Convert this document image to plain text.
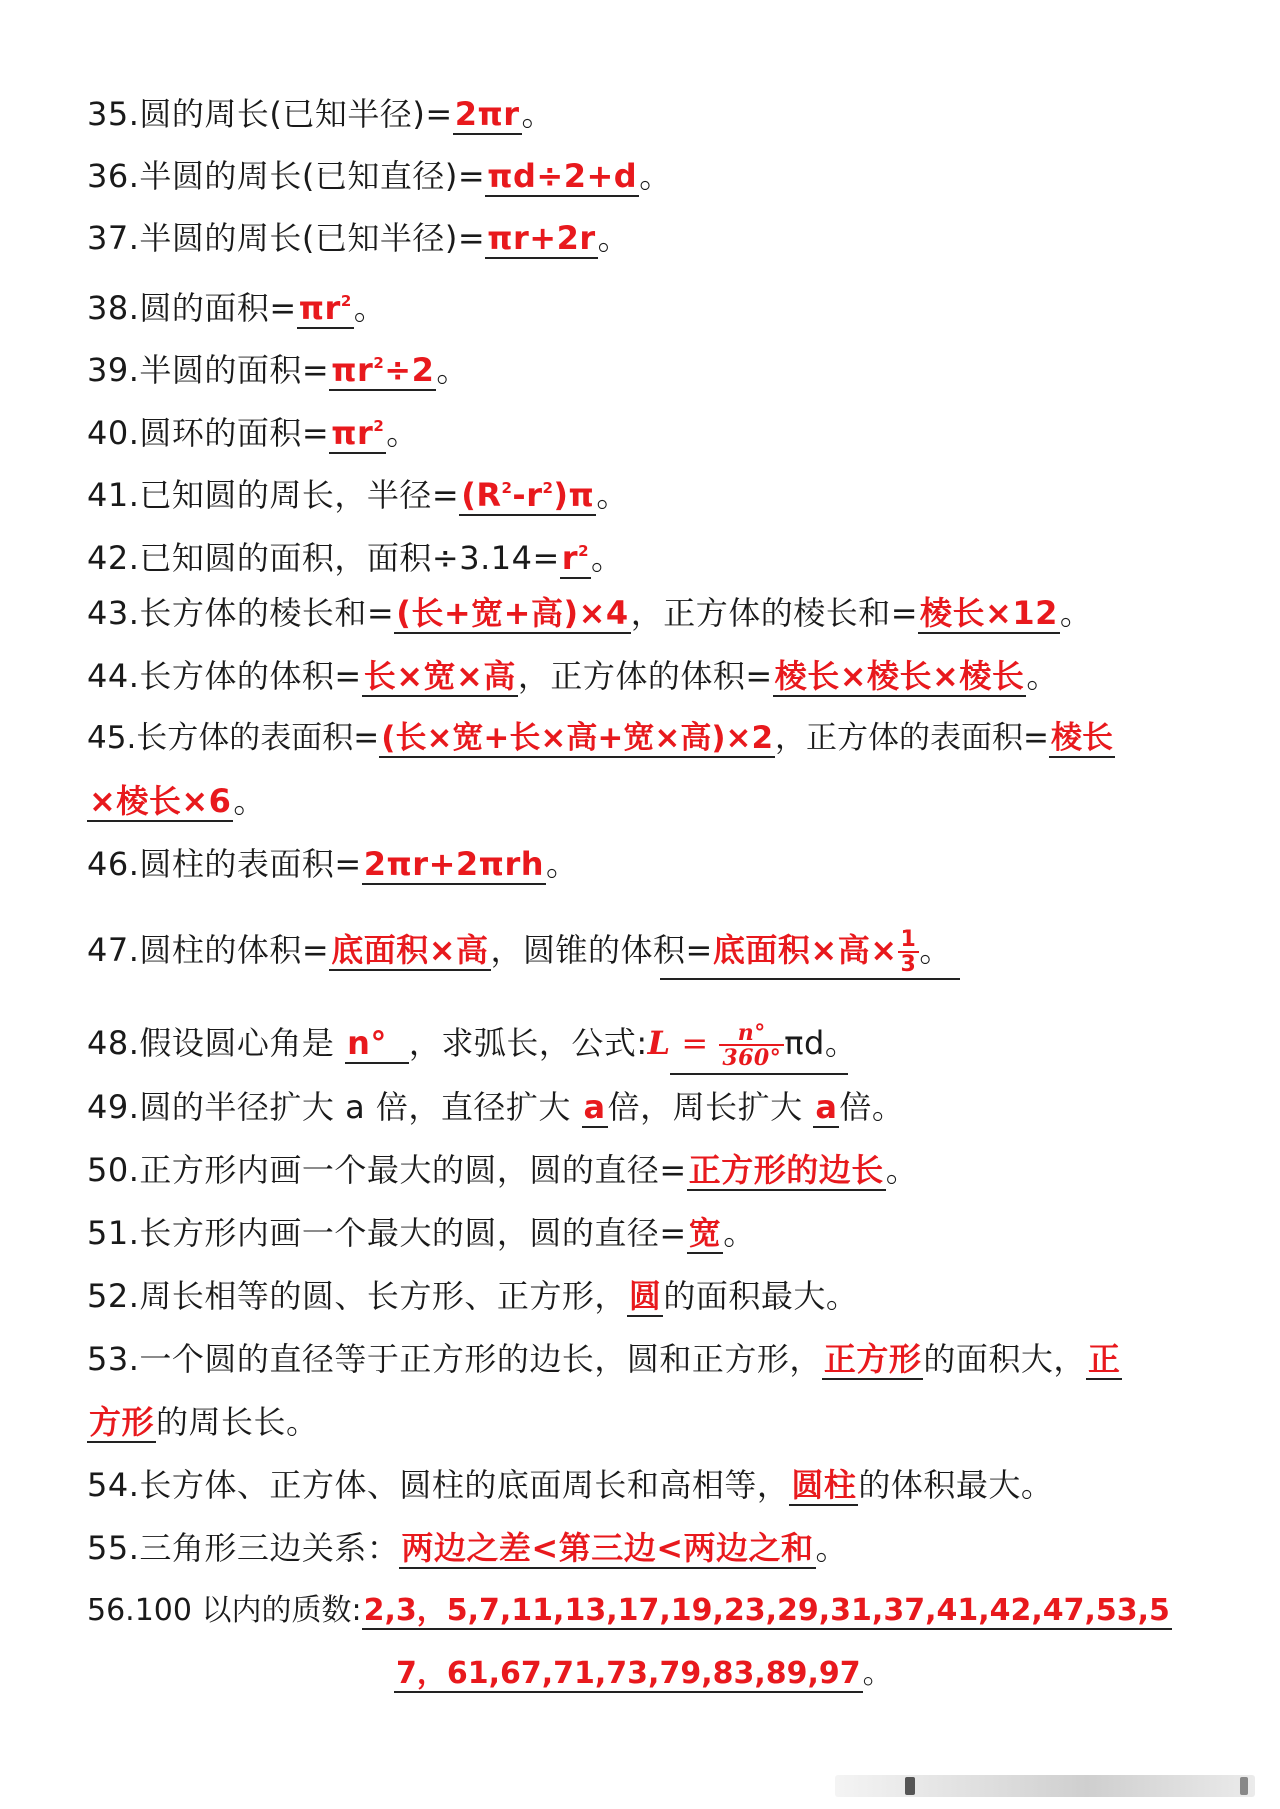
35.圆的周长(已知半径)=2πr。
36.半圆的周长(已知直径)=πd÷2+d。
37.半圆的周长(已知半径)=πr+2r。
38.圆的面积$=\pi r^2$。
39.半圆的面积$=\pi r^2\div 2$。
40.圆环的面积$=\pi r^2$。
41.已知圆的周长，半径$=(R^2-r^2)\pi$。
42.已知圆的面积，面积$\div 3.14=r^2$。
43.长方体的棱长和=(长+宽+高)×4，正方体的棱长和=棱长×12。
44.长方体的体积=长×宽×高，正方体的体积=棱长×棱长×棱长。
45.长方体的表面积=(长×宽+长×高+宽×高)×2，正方体的表面积=棱长
×棱长×6。
46.圆柱的表面积=2πr+2πrh。
47.圆柱的体积=底面积×高，圆锥的体积=底面积×高× $\frac{1}{3}$ 。
48.假设圆心角是 n° ，求弧长，公式:L = $\frac{n^\circ}{360^\circ}$ πd。
49.圆的半径扩大 a 倍，直径扩大 a倍，周长扩大 a倍。
50.正方形内画一个最大的圆，圆的直径=正方形的边长。
51.长方形内画一个最大的圆，圆的直径=宽。
52.周长相等的圆、长方形、正方形，圆的面积最大。
53.一个圆的直径等于正方形的边长，圆和正方形，正方形的面积大，正
方形的周长长。
54.长方体、正方体、圆柱的底面周长和高相等，圆柱的体积最大。
55.三角形三边关系：两边之差<第三边<两边之和。
56.100 以内的质数:2,3，5,7,11,13,17,19,23,29,31,37,41,42,47,53,5
7，61,67,71,73,79,83,89,97。
